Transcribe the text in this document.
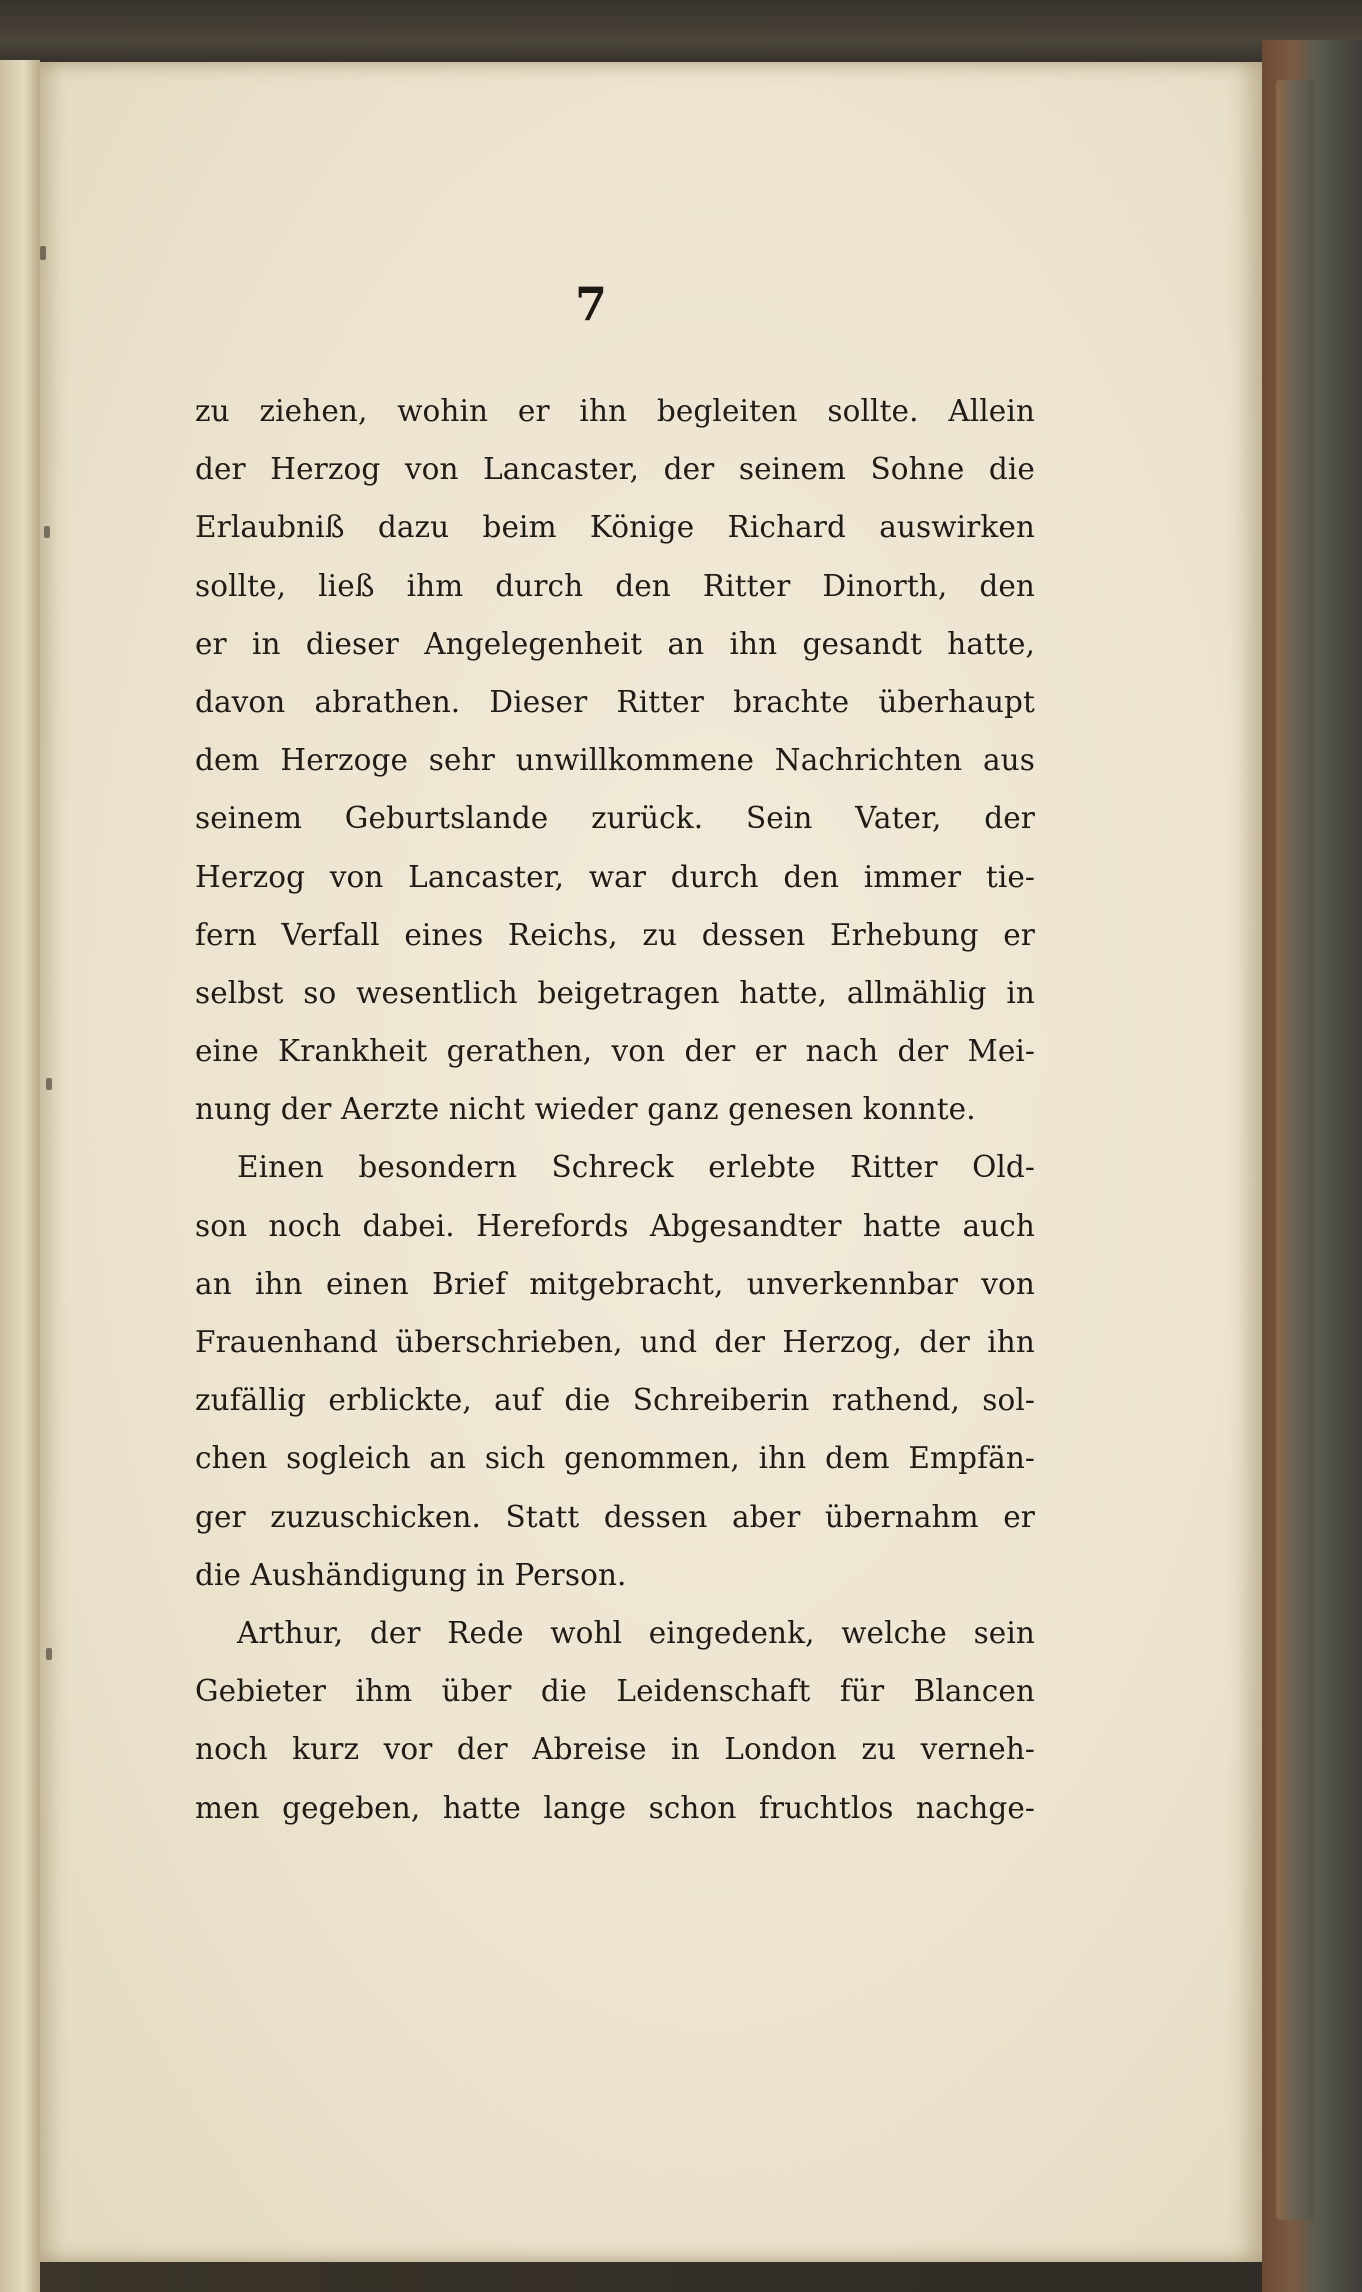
7
zu ziehen, wohin er ihn begleiten sollte. Allein
der Herzog von Lancaster, der seinem Sohne die
Erlaubniß dazu beim Könige Richard auswirken
sollte, ließ ihm durch den Ritter Dinorth, den
er in dieser Angelegenheit an ihn gesandt hatte,
davon abrathen. Dieser Ritter brachte überhaupt
dem Herzoge sehr unwillkommene Nachrichten aus
seinem Geburtslande zurück. Sein Vater, der
Herzog von Lancaster, war durch den immer tie-
fern Verfall eines Reichs, zu dessen Erhebung er
selbst so wesentlich beigetragen hatte, allmählig in
eine Krankheit gerathen, von der er nach der Mei-
nung der Aerzte nicht wieder ganz genesen konnte.
Einen besondern Schreck erlebte Ritter Old-
son noch dabei. Herefords Abgesandter hatte auch
an ihn einen Brief mitgebracht, unverkennbar von
Frauenhand überschrieben, und der Herzog, der ihn
zufällig erblickte, auf die Schreiberin rathend, sol-
chen sogleich an sich genommen, ihn dem Empfän-
ger zuzuschicken. Statt dessen aber übernahm er
die Aushändigung in Person.
Arthur, der Rede wohl eingedenk, welche sein
Gebieter ihm über die Leidenschaft für Blancen
noch kurz vor der Abreise in London zu verneh-
men gegeben, hatte lange schon fruchtlos nachge-
